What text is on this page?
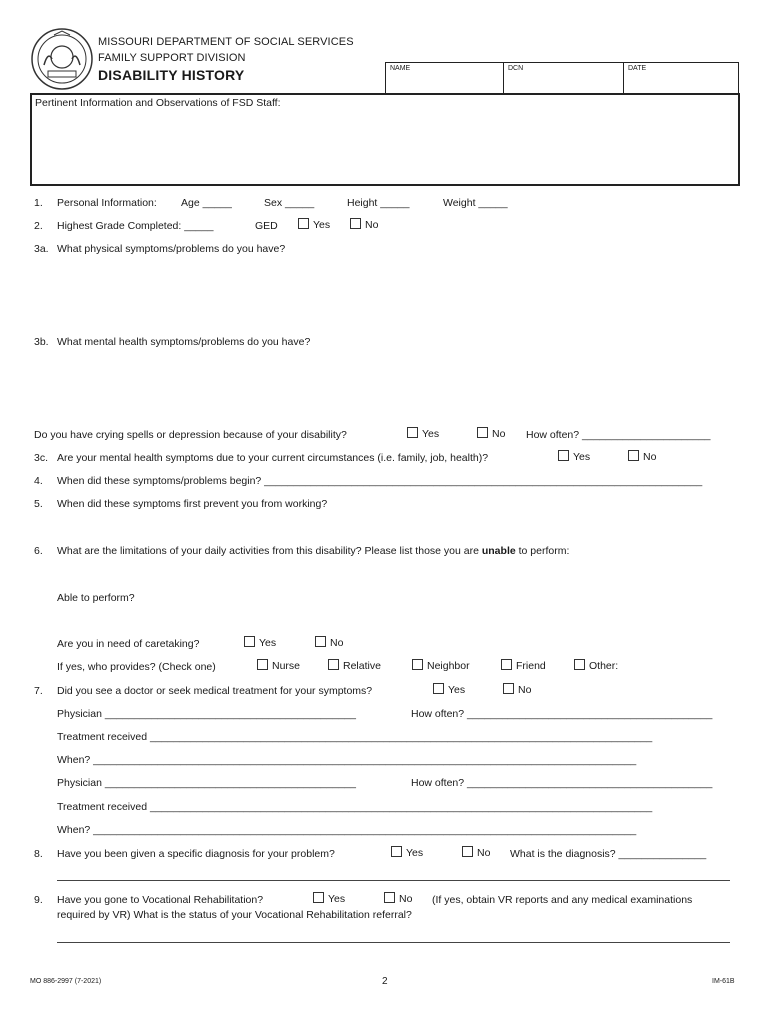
MISSOURI DEPARTMENT OF SOCIAL SERVICES
FAMILY SUPPORT DIVISION
DISABILITY HISTORY	NAME	DCN	DATE
Pertinent Information and Observations of FSD Staff:
1. Personal Information: Age _____	Sex _____	Height _____	Weight _____
2. Highest Grade Completed: _____	GED	Yes	No
3a. What physical symptoms/problems do you have?
3b. What mental health symptoms/problems do you have?
Do you have crying spells or depression because of your disability?	Yes	No How often? ______________________
3c. Are your mental health symptoms due to your current circumstances (i.e. family, job, health)?	Yes	No
4. When did these symptoms/problems begin? ___________________________________________________________________________
5. When did these symptoms first prevent you from working?
6. What are the limitations of your daily activities from this disability? Please list those you are unable to perform:
Able to perform?
Are you in need of caretaking?	Yes	No
If yes, who provides? (Check one)	Nurse	Relative	Neighbor	Friend	Other:
7. Did you see a doctor or seek medical treatment for your symptoms?	Yes	No
Physician ___________________________________________	How often? __________________________________________
Treatment received ______________________________________________________________________________________
When? _____________________________________________________________________________________________
Physician ___________________________________________	How often? __________________________________________
Treatment received ______________________________________________________________________________________
When? _____________________________________________________________________________________________
8. Have you been given a specific diagnosis for your problem?	Yes	No What is the diagnosis? _______________
9. Have you gone to Vocational Rehabilitation?	Yes	No (If yes, obtain VR reports and any medical examinations
required by VR) What is the status of your Vocational Rehabilitation referral?
MO 886-2997 (7-2021)	2	IM-61B
